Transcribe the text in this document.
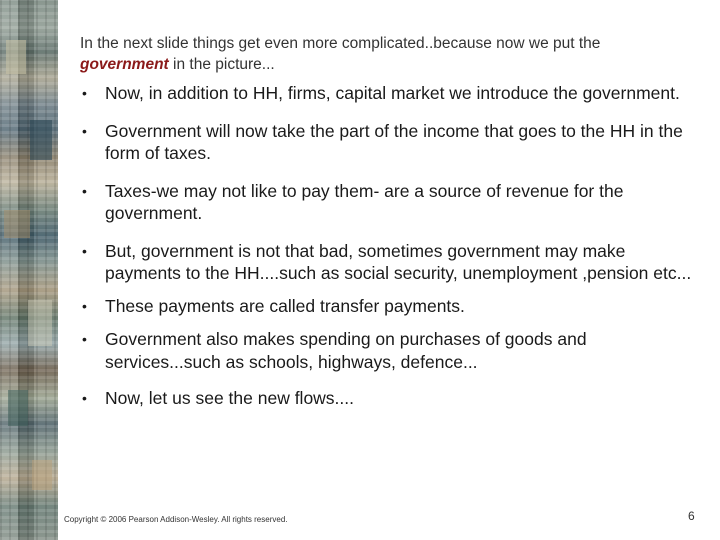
In the next slide things get even more complicated..because now we put the government in the picture...
• Now, in addition to HH, firms, capital market we introduce the government.
• Government will now take the part of the income that goes to the HH in the form of taxes.
• Taxes-we may not like to pay them- are a source of revenue for the government.
• But, government is not that bad, sometimes government may make payments to the HH....such as social security, unemployment ,pension etc...
• These payments are called transfer payments.
• Government also makes spending on purchases of goods and services...such as schools, highways, defence...
• Now, let us see the new flows....
Copyright © 2006 Pearson Addison-Wesley. All rights reserved.	6
